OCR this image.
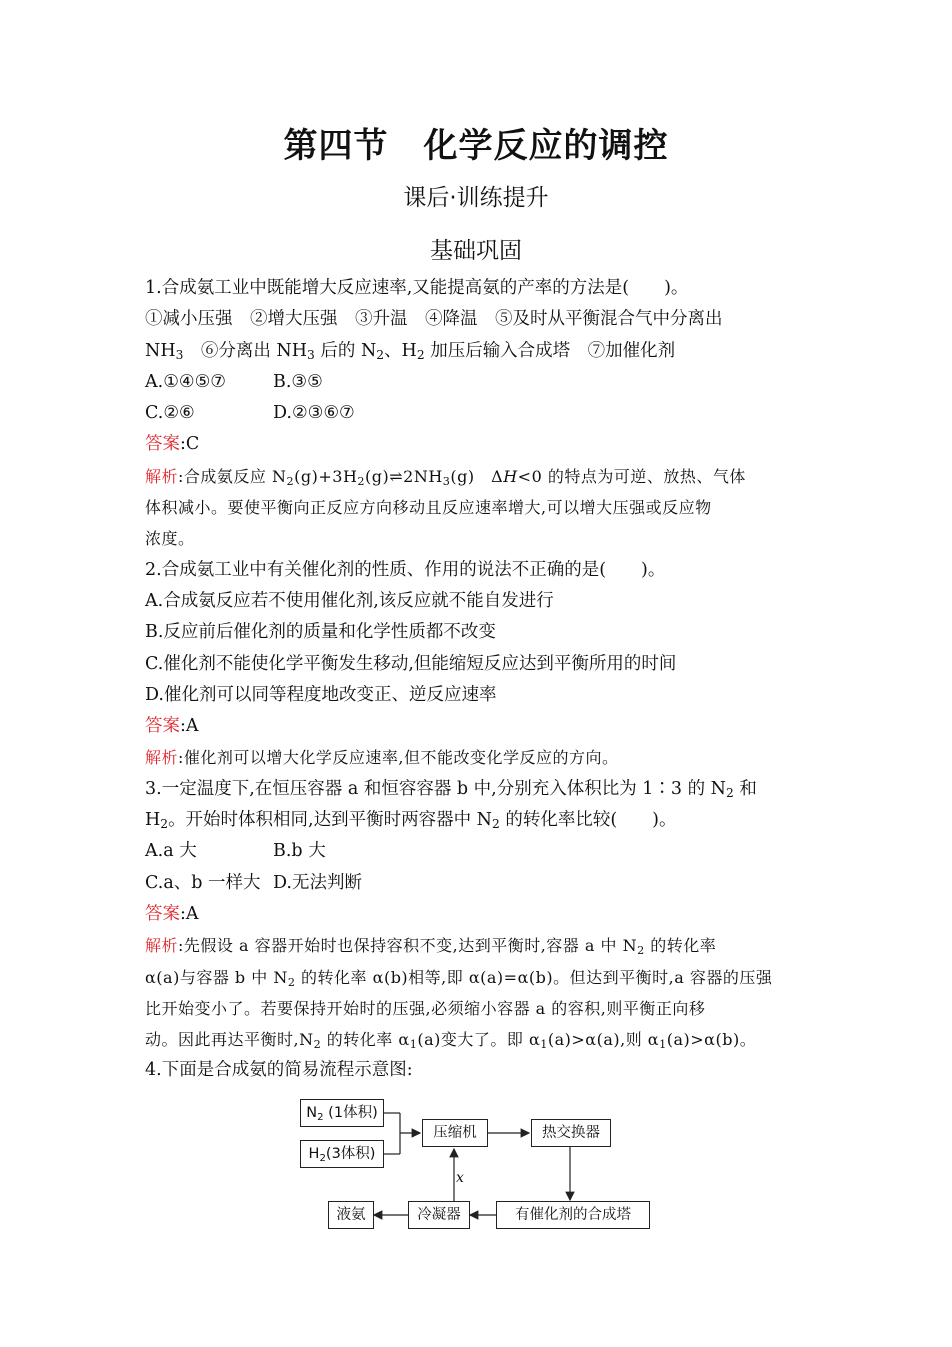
第四节　化学反应的调控
课后·训练提升
基础巩固
1.合成氨工业中既能增大反应速率,又能提高氨的产率的方法是(　　)。
①减小压强　②增大压强　③升温　④降温　⑤及时从平衡混合气中分离出
$NH_3$　⑥分离出 $NH_3$ 后的 $N_2$、$H_2$ 加压后输入合成塔　⑦加催化剂
A.①④⑤⑦	B.③⑤
C.②⑥	D.②③⑥⑦
答案:C
解析:合成氨反应 $N_2(g)+3H_2(g)\rightleftharpoons 2NH_3(g)$　ΔH<0 的特点为可逆、放热、气体
体积减小。要使平衡向正反应方向移动且反应速率增大,可以增大压强或反应物
浓度。
2.合成氨工业中有关催化剂的性质、作用的说法不正确的是(　　)。
A.合成氨反应若不使用催化剂,该反应就不能自发进行
B.反应前后催化剂的质量和化学性质都不改变
C.催化剂不能使化学平衡发生移动,但能缩短反应达到平衡所用的时间
D.催化剂可以同等程度地改变正、逆反应速率
答案:A
解析:催化剂可以增大化学反应速率,但不能改变化学反应的方向。
3.一定温度下,在恒压容器 a 和恒容容器 b 中,分别充入体积比为 1∶3 的 $N_2$ 和
$H_2$。开始时体积相同,达到平衡时两容器中 $N_2$ 的转化率比较(　　)。
A.a 大	B.b 大
C.a、b 一样大 D.无法判断
答案:A
解析:先假设 a 容器开始时也保持容积不变,达到平衡时,容器 a 中 $N_2$ 的转化率
α(a)与容器 b 中 $N_2$ 的转化率 α(b)相等,即 α(a)=α(b)。但达到平衡时,a 容器的压强
比开始变小了。若要保持开始时的压强,必须缩小容器 a 的容积,则平衡正向移
动。因此再达平衡时$,N_2$ 的转化率 $\alpha_1(a)$变大了。即 $\alpha_1(a)>\alpha(a)$,则 $\alpha_1(a)>\alpha(b)$。
4.下面是合成氨的简易流程示意图:
$N_2$ (1体积)
$H_2(3$体积)
压缩机	热交换器
液氨	冷凝器	有催化剂的合成塔
x
